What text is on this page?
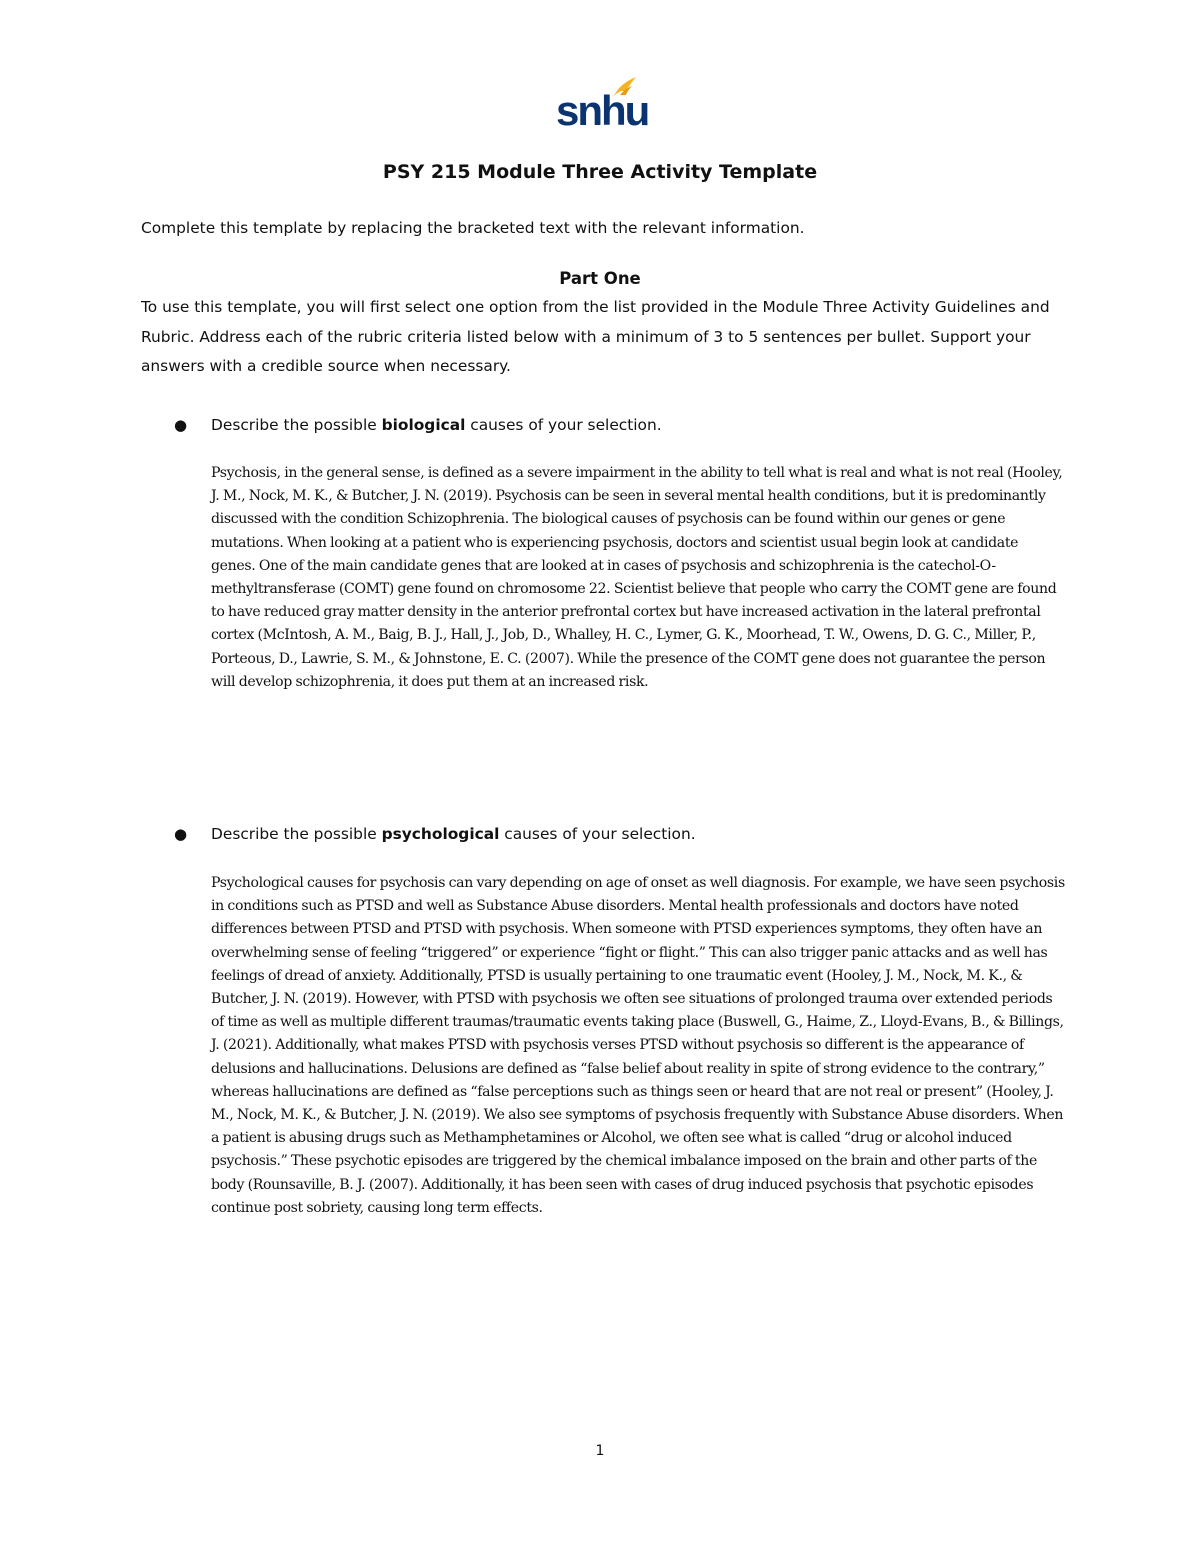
snhu
PSY 215 Module Three Activity Template
Complete this template by replacing the bracketed text with the relevant information.
Part One
To use this template, you will first select one option from the list provided in the Module Three Activity Guidelines and Rubric. Address each of the rubric criteria listed below with a minimum of 3 to 5 sentences per bullet. Support your answers with a credible source when necessary.
● Describe the possible biological causes of your selection.

Psychosis, in the general sense, is defined as a severe impairment in the ability to tell what is real and what is not real (Hooley, J. M., Nock, M. K., & Butcher, J. N. (2019). Psychosis can be seen in several mental health conditions, but it is predominantly discussed with the condition Schizophrenia. The biological causes of psychosis can be found within our genes or gene mutations. When looking at a patient who is experiencing psychosis, doctors and scientist usual begin look at candidate genes. One of the main candidate genes that are looked at in cases of psychosis and schizophrenia is the catechol-O-methyltransferase (COMT) gene found on chromosome 22. Scientist believe that people who carry the COMT gene are found to have reduced gray matter density in the anterior prefrontal cortex but have increased activation in the lateral prefrontal cortex (McIntosh, A. M., Baig, B. J., Hall, J., Job, D., Whalley, H. C., Lymer, G. K., Moorhead, T. W., Owens, D. G. C., Miller, P., Porteous, D., Lawrie, S. M., & Johnstone, E. C. (2007). While the presence of the COMT gene does not guarantee the person will develop schizophrenia, it does put them at an increased risk.

● Describe the possible psychological causes of your selection.

Psychological causes for psychosis can vary depending on age of onset as well diagnosis. For example, we have seen psychosis in conditions such as PTSD and well as Substance Abuse disorders. Mental health professionals and doctors have noted differences between PTSD and PTSD with psychosis. When someone with PTSD experiences symptoms, they often have an overwhelming sense of feeling “triggered” or experience “fight or flight.” This can also trigger panic attacks and as well has feelings of dread of anxiety. Additionally, PTSD is usually pertaining to one traumatic event (Hooley, J. M., Nock, M. K., & Butcher, J. N. (2019). However, with PTSD with psychosis we often see situations of prolonged trauma over extended periods of time as well as multiple different traumas/traumatic events taking place (Buswell, G., Haime, Z., Lloyd-Evans, B., & Billings, J. (2021). Additionally, what makes PTSD with psychosis verses PTSD without psychosis so different is the appearance of delusions and hallucinations. Delusions are defined as “false belief about reality in spite of strong evidence to the contrary,” whereas hallucinations are defined as “false perceptions such as things seen or heard that are not real or present” (Hooley, J. M., Nock, M. K., & Butcher, J. N. (2019). We also see symptoms of psychosis frequently with Substance Abuse disorders. When a patient is abusing drugs such as Methamphetamines or Alcohol, we often see what is called “drug or alcohol induced psychosis.” These psychotic episodes are triggered by the chemical imbalance imposed on the brain and other parts of the body (Rounsaville, B. J. (2007). Additionally, it has been seen with cases of drug induced psychosis that psychotic episodes continue post sobriety, causing long term effects.

1
